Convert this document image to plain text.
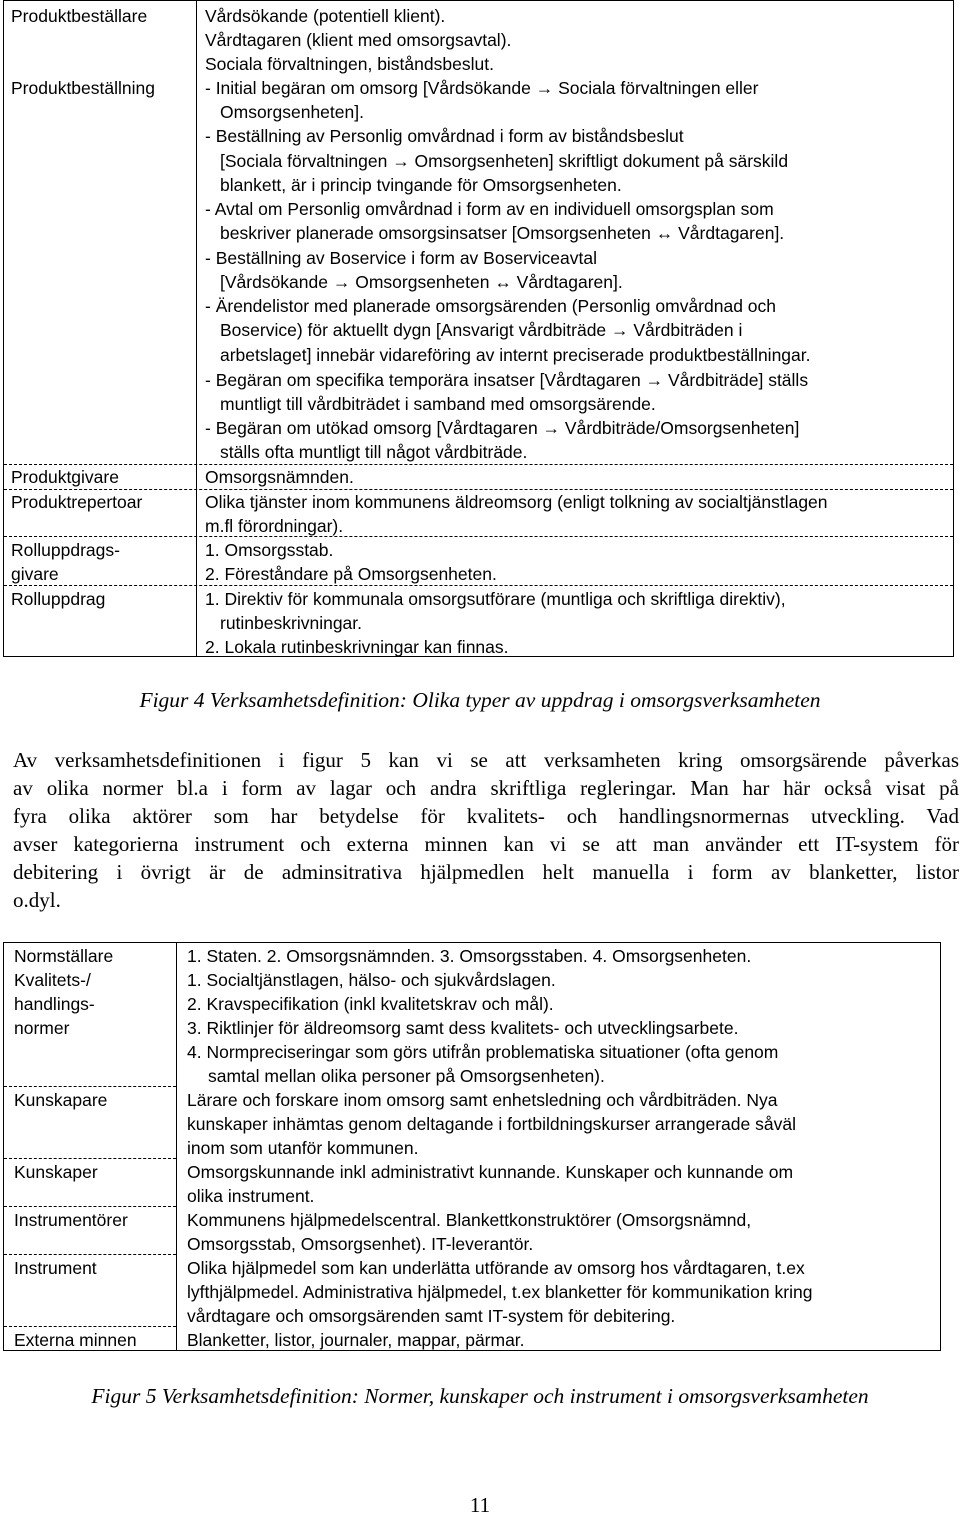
Produktbeställare
Produktbeställning
Produktgivare
Produktrepertoar
Rolluppdrags-
givare
Rolluppdrag
Vårdsökande (potentiell klient).
Vårdtagaren (klient med omsorgsavtal).
Sociala förvaltningen, biståndsbeslut.
- Initial begäran om omsorg [Vårdsökande → Sociala förvaltningen eller
Omsorgsenheten].
- Beställning av Personlig omvårdnad i form av biståndsbeslut
[Sociala förvaltningen → Omsorgsenheten] skriftligt dokument på särskild
blankett, är i princip tvingande för Omsorgsenheten.
- Avtal om Personlig omvårdnad i form av en individuell omsorgsplan som
beskriver planerade omsorgsinsatser [Omsorgsenheten ↔ Vårdtagaren].
- Beställning av Boservice i form av Boserviceavtal
[Vårdsökande → Omsorgsenheten ↔ Vårdtagaren].
- Ärendelistor med planerade omsorgsärenden (Personlig omvårdnad och
Boservice) för aktuellt dygn [Ansvarigt vårdbiträde → Vårdbiträden i
arbetslaget] innebär vidareföring av internt preciserade produktbeställningar.
- Begäran om specifika temporära insatser [Vårdtagaren → Vårdbiträde] ställs
muntligt till vårdbiträdet i samband med omsorgsärende.
- Begäran om utökad omsorg [Vårdtagaren → Vårdbiträde/Omsorgsenheten]
ställs ofta muntligt till något vårdbiträde.
Omsorgsnämnden.
Olika tjänster inom kommunens äldreomsorg (enligt tolkning av socialtjänstlagen
m.fl förordningar).
1. Omsorgsstab.
2. Föreståndare på Omsorgsenheten.
1. Direktiv för kommunala omsorgsutförare (muntliga och skriftliga direktiv),
rutinbeskrivningar.
2. Lokala rutinbeskrivningar kan finnas.
Figur 4 Verksamhetsdefinition: Olika typer av uppdrag i omsorgsverksamheten
Av verksamhetsdefinitionen i figur 5 kan vi se att verksamheten kring omsorgsärende påverkas
av olika normer bl.a i form av lagar och andra skriftliga regleringar. Man har här också visat på
fyra olika aktörer som har betydelse för kvalitets- och handlingsnormernas utveckling. Vad
avser kategorierna instrument och externa minnen kan vi se att man använder ett IT-system för
debitering i övrigt är de adminsitrativa hjälpmedlen helt manuella i form av blanketter, listor
o.dyl.
Normställare
Kvalitets-/
handlings-
normer
Kunskapare
Kunskaper
Instrumentörer
Instrument
Externa minnen
1. Staten. 2. Omsorgsnämnden. 3. Omsorgsstaben. 4. Omsorgsenheten.
1. Socialtjänstlagen, hälso- och sjukvårdslagen.
2. Kravspecifikation (inkl kvalitetskrav och mål).
3. Riktlinjer för äldreomsorg samt dess kvalitets- och utvecklingsarbete.
4. Normpreciseringar som görs utifrån problematiska situationer (ofta genom
samtal mellan olika personer på Omsorgsenheten).
Lärare och forskare inom omsorg samt enhetsledning och vårdbiträden. Nya
kunskaper inhämtas genom deltagande i fortbildningskurser arrangerade såväl
inom som utanför kommunen.
Omsorgskunnande inkl administrativt kunnande. Kunskaper och kunnande om
olika instrument.
Kommunens hjälpmedelscentral. Blankettkonstruktörer (Omsorgsnämnd,
Omsorgsstab, Omsorgsenhet). IT-leverantör.
Olika hjälpmedel som kan underlätta utförande av omsorg hos vårdtagaren, t.ex
lyfthjälpmedel. Administrativa hjälpmedel, t.ex blanketter för kommunikation kring
vårdtagare och omsorgsärenden samt IT-system för debitering.
Blanketter, listor, journaler, mappar, pärmar.
Figur 5 Verksamhetsdefinition: Normer, kunskaper och instrument i omsorgsverksamheten
11
